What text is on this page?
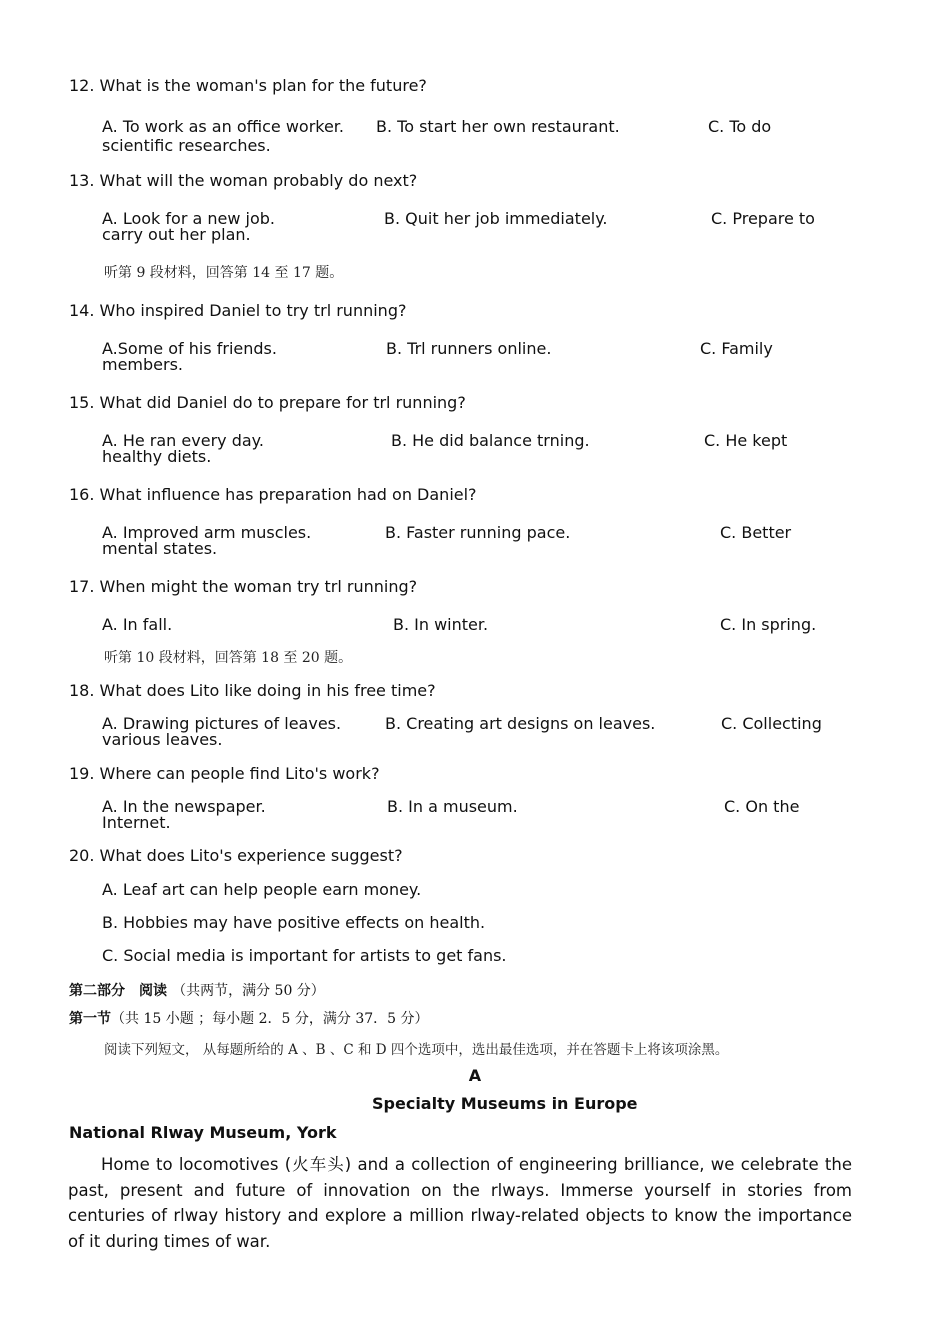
12. What is the woman's plan for the future?
A. To work as an office worker. B. To start her own restaurant.	C. To do
scientific researches.
13. What will the woman probably do next?
A. Look for a new job.	B. Quit her job immediately.	C. Prepare to
carry out her plan.
听第 9 段材料，回答第 14 至 17 题。
14. Who inspired Daniel to try trl running?
A.Some of his friends.	B. Trl runners online.	C. Family
members.
15. What did Daniel do to prepare for trl running?
A. He ran every day.	B. He did balance trning.	C. He kept
healthy diets.
16. What influence has preparation had on Daniel?
A. Improved arm muscles.	B. Faster running pace.	C. Better
mental states.
17. When might the woman try trl running?
A. In fall.	B. In winter.	C. In spring.
听第 10 段材料，回答第 18 至 20 题。
18. What does Lito like doing in his free time?
A. Drawing pictures of leaves.	B. Creating art designs on leaves.	C. Collecting
various leaves.
19. Where can people find Lito's work?
A. In the newspaper.	B. In a museum.	C. On the
Internet.
20. What does Lito's experience suggest?
A. Leaf art can help people earn money.
B. Hobbies may have positive effects on health.
C. Social media is important for artists to get fans.
第二部分　阅读 （共两节，满分 50 分）
第一节（共 15 小题 ；每小题 2．5 分，满分 37．5 分）
阅读下列短文， 从每题所给的 A 、B 、C 和 D 四个选项中，选出最佳选项，并在答题卡上将该项涂黑。
A
Specialty Museums in Europe
National Rlway Museum, York
Home to locomotives (火车头) and a collection of engineering brilliance, we celebrate the past, present and future of innovation on the rlways. Immerse yourself in stories from centuries of rlway history and explore a million rlway-related objects to know the importance of it during times of war.
